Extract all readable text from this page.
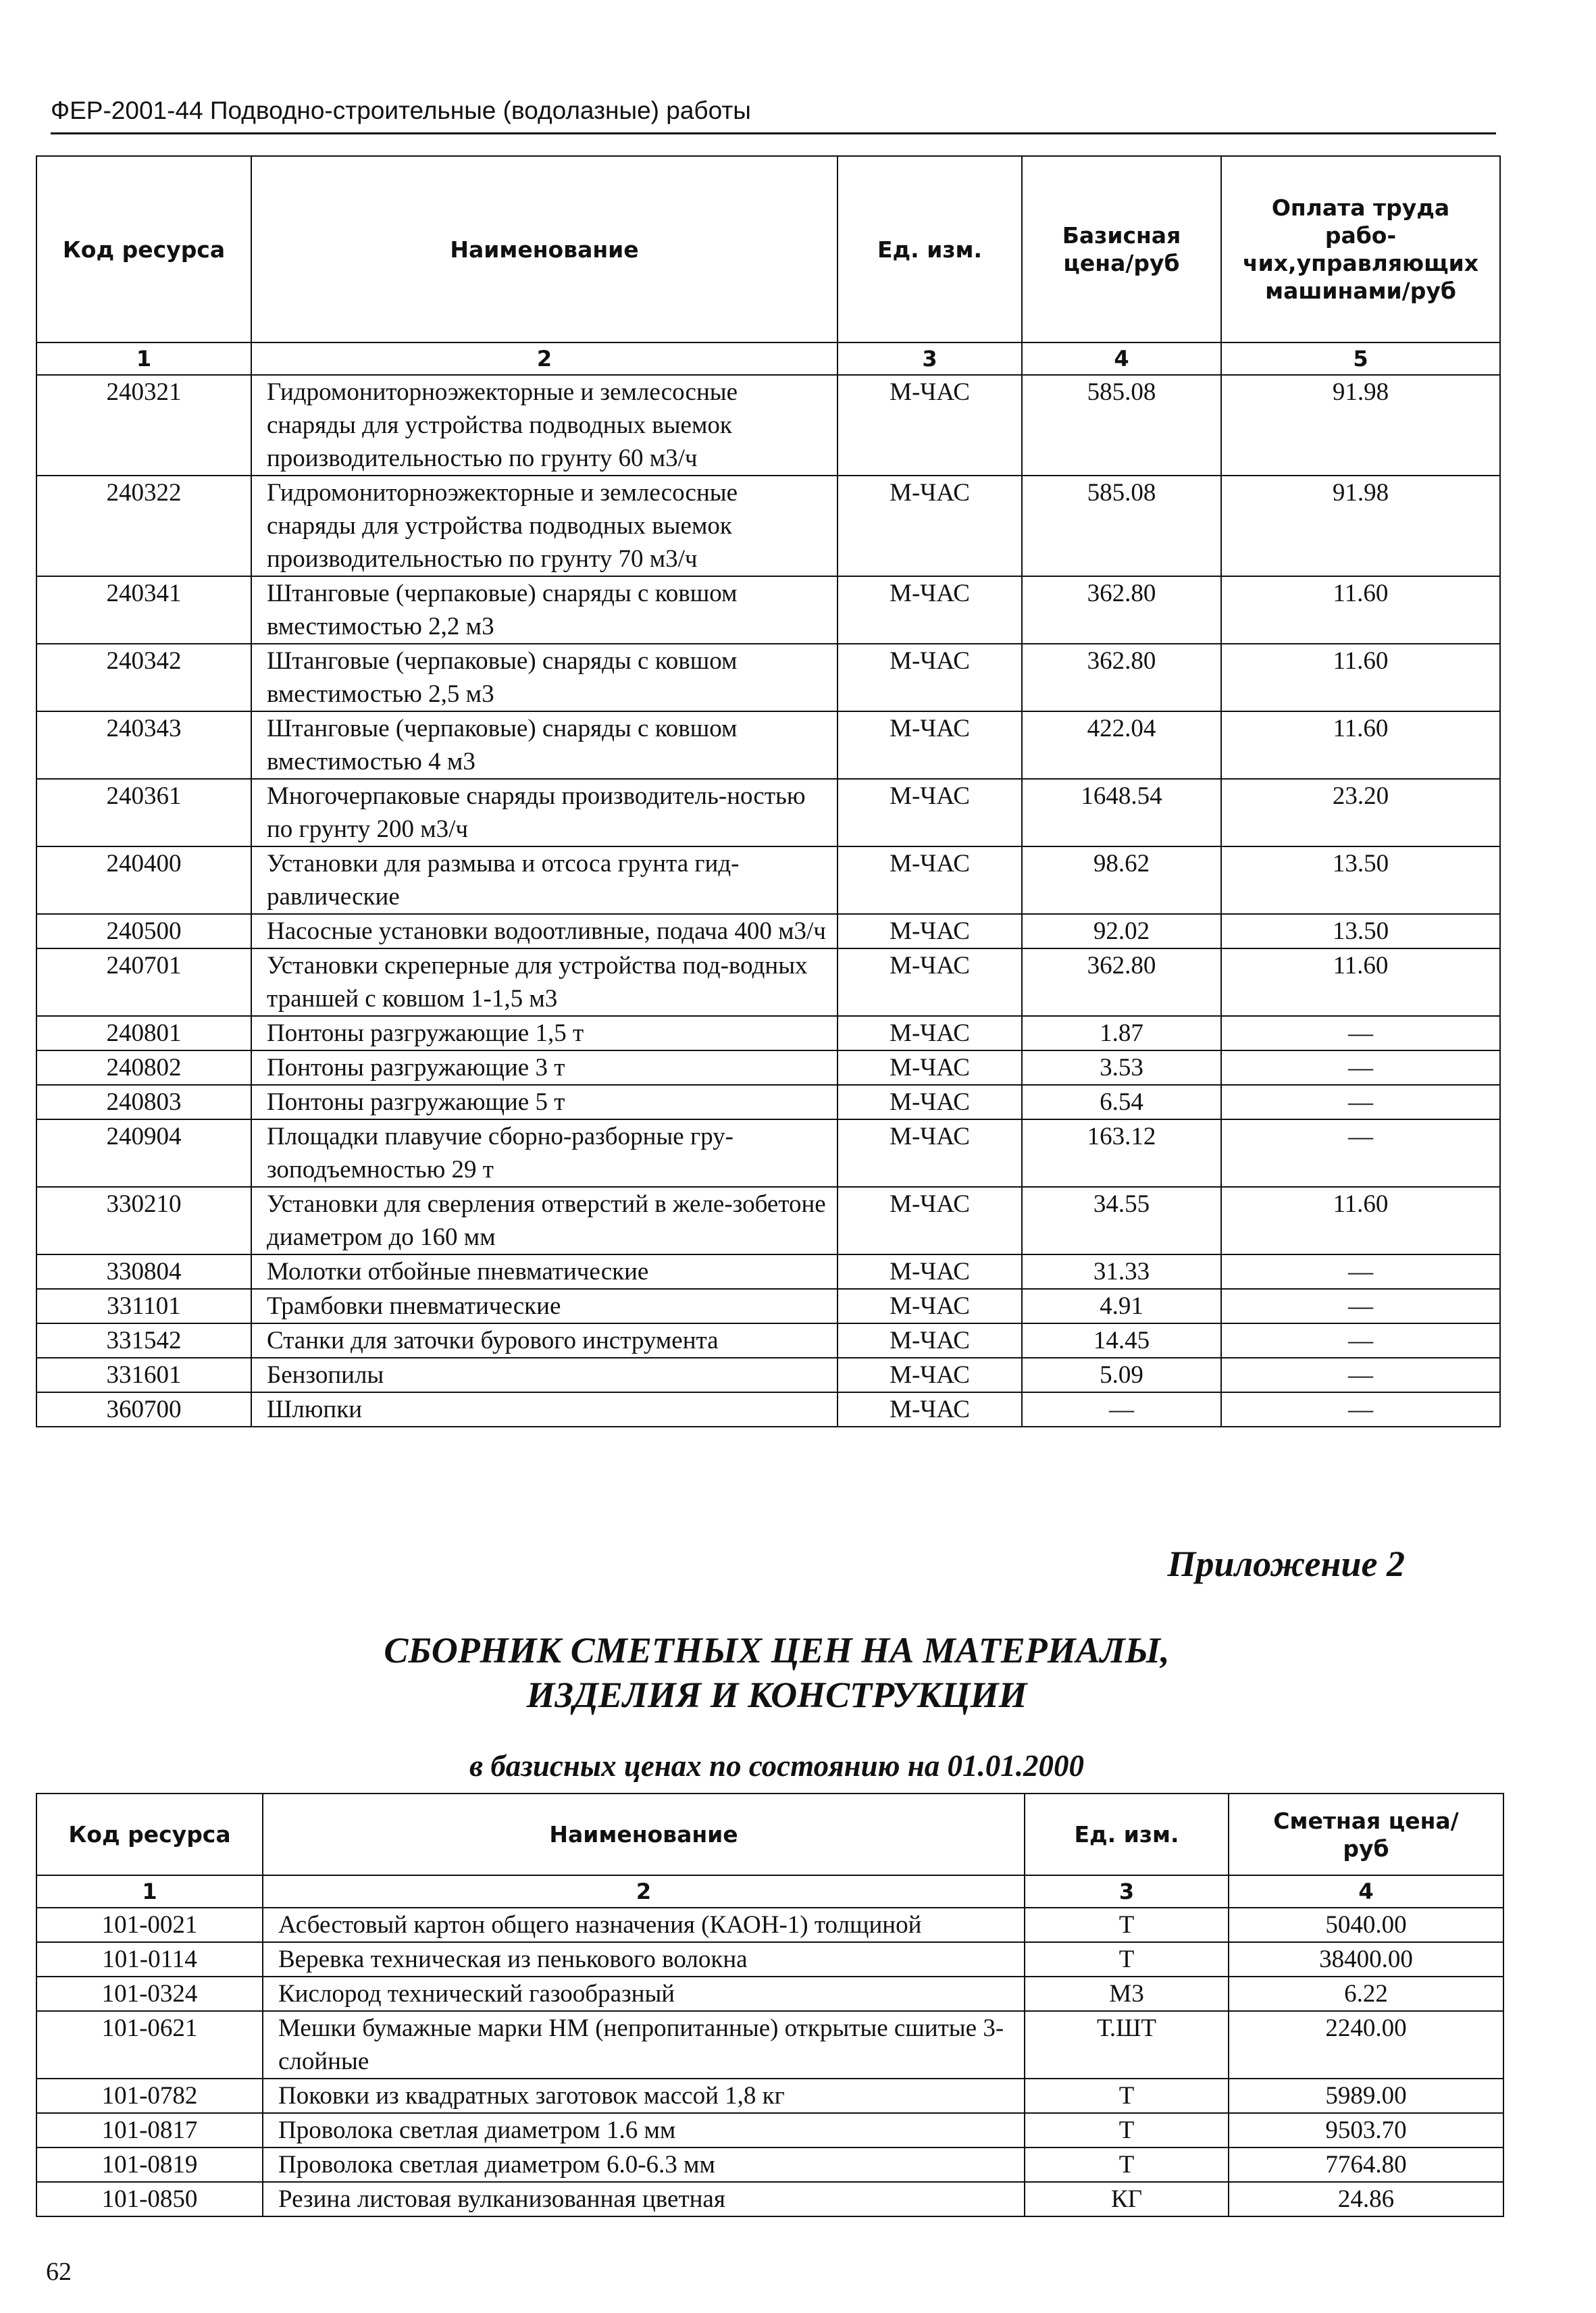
ФЕР-2001-44 Подводно-строительные (водолазные) работы
Код ресурса	Наименование	Ед. изм.	Базисная цена/руб	Оплата труда рабо-чих,управляющих машинами/руб
1	2	3	4	5
240321	Гидромониторноэжекторные и землесосные снаряды для устройства подводных выемок производительностью по грунту 60 м3/ч	М-ЧАС	585.08	91.98
240322	Гидромониторноэжекторные и землесосные снаряды для устройства подводных выемок производительностью по грунту 70 м3/ч	М-ЧАС	585.08	91.98
240341	Штанговые (черпаковые) снаряды с ковшом вместимостью 2,2 м3	М-ЧАС	362.80	11.60
240342	Штанговые (черпаковые) снаряды с ковшом вместимостью 2,5 м3	М-ЧАС	362.80	11.60
240343	Штанговые (черпаковые) снаряды с ковшом вместимостью 4 м3	М-ЧАС	422.04	11.60
240361	Многочерпаковые снаряды производитель-ностью по грунту 200 м3/ч	М-ЧАС	1648.54	23.20
240400	Установки для размыва и отсоса грунта гид-равлические	М-ЧАС	98.62	13.50
240500	Насосные установки водоотливные, подача 400 м3/ч	М-ЧАС	92.02	13.50
240701	Установки скреперные для устройства под-водных траншей с ковшом 1-1,5 м3	М-ЧАС	362.80	11.60
240801	Понтоны разгружающие 1,5 т	М-ЧАС	1.87	—
240802	Понтоны разгружающие 3 т	М-ЧАС	3.53	—
240803	Понтоны разгружающие 5 т	М-ЧАС	6.54	—
240904	Площадки плавучие сборно-разборные гру-зоподъемностью 29 т	М-ЧАС	163.12	—
330210	Установки для сверления отверстий в желе-зобетоне диаметром до 160 мм	М-ЧАС	34.55	11.60
330804	Молотки отбойные пневматические	М-ЧАС	31.33	—
331101	Трамбовки пневматические	М-ЧАС	4.91	—
331542	Станки для заточки бурового инструмента	М-ЧАС	14.45	—
331601	Бензопилы	М-ЧАС	5.09	—
360700	Шлюпки	М-ЧАС	—	—
Приложение 2
СБОРНИК СМЕТНЫХ ЦЕН НА МАТЕРИАЛЫ,
ИЗДЕЛИЯ И КОНСТРУКЦИИ
в базисных ценах по состоянию на 01.01.2000
Код ресурса	Наименование	Ед. изм.	Сметная цена/руб
1	2	3	4
101-0021	Асбестовый картон общего назначения (КАОН-1) толщиной	Т	5040.00
101-0114	Веревка техническая из пенькового волокна	Т	38400.00
101-0324	Кислород технический газообразный	М3	6.22
101-0621	Мешки бумажные марки НМ (непропитанные) открытые сшитые 3-слойные	Т.ШТ	2240.00
101-0782	Поковки из квадратных заготовок массой 1,8 кг	Т	5989.00
101-0817	Проволока светлая диаметром 1.6 мм	Т	9503.70
101-0819	Проволока светлая диаметром 6.0-6.3 мм	Т	7764.80
101-0850	Резина листовая вулканизованная цветная	КГ	24.86
62
